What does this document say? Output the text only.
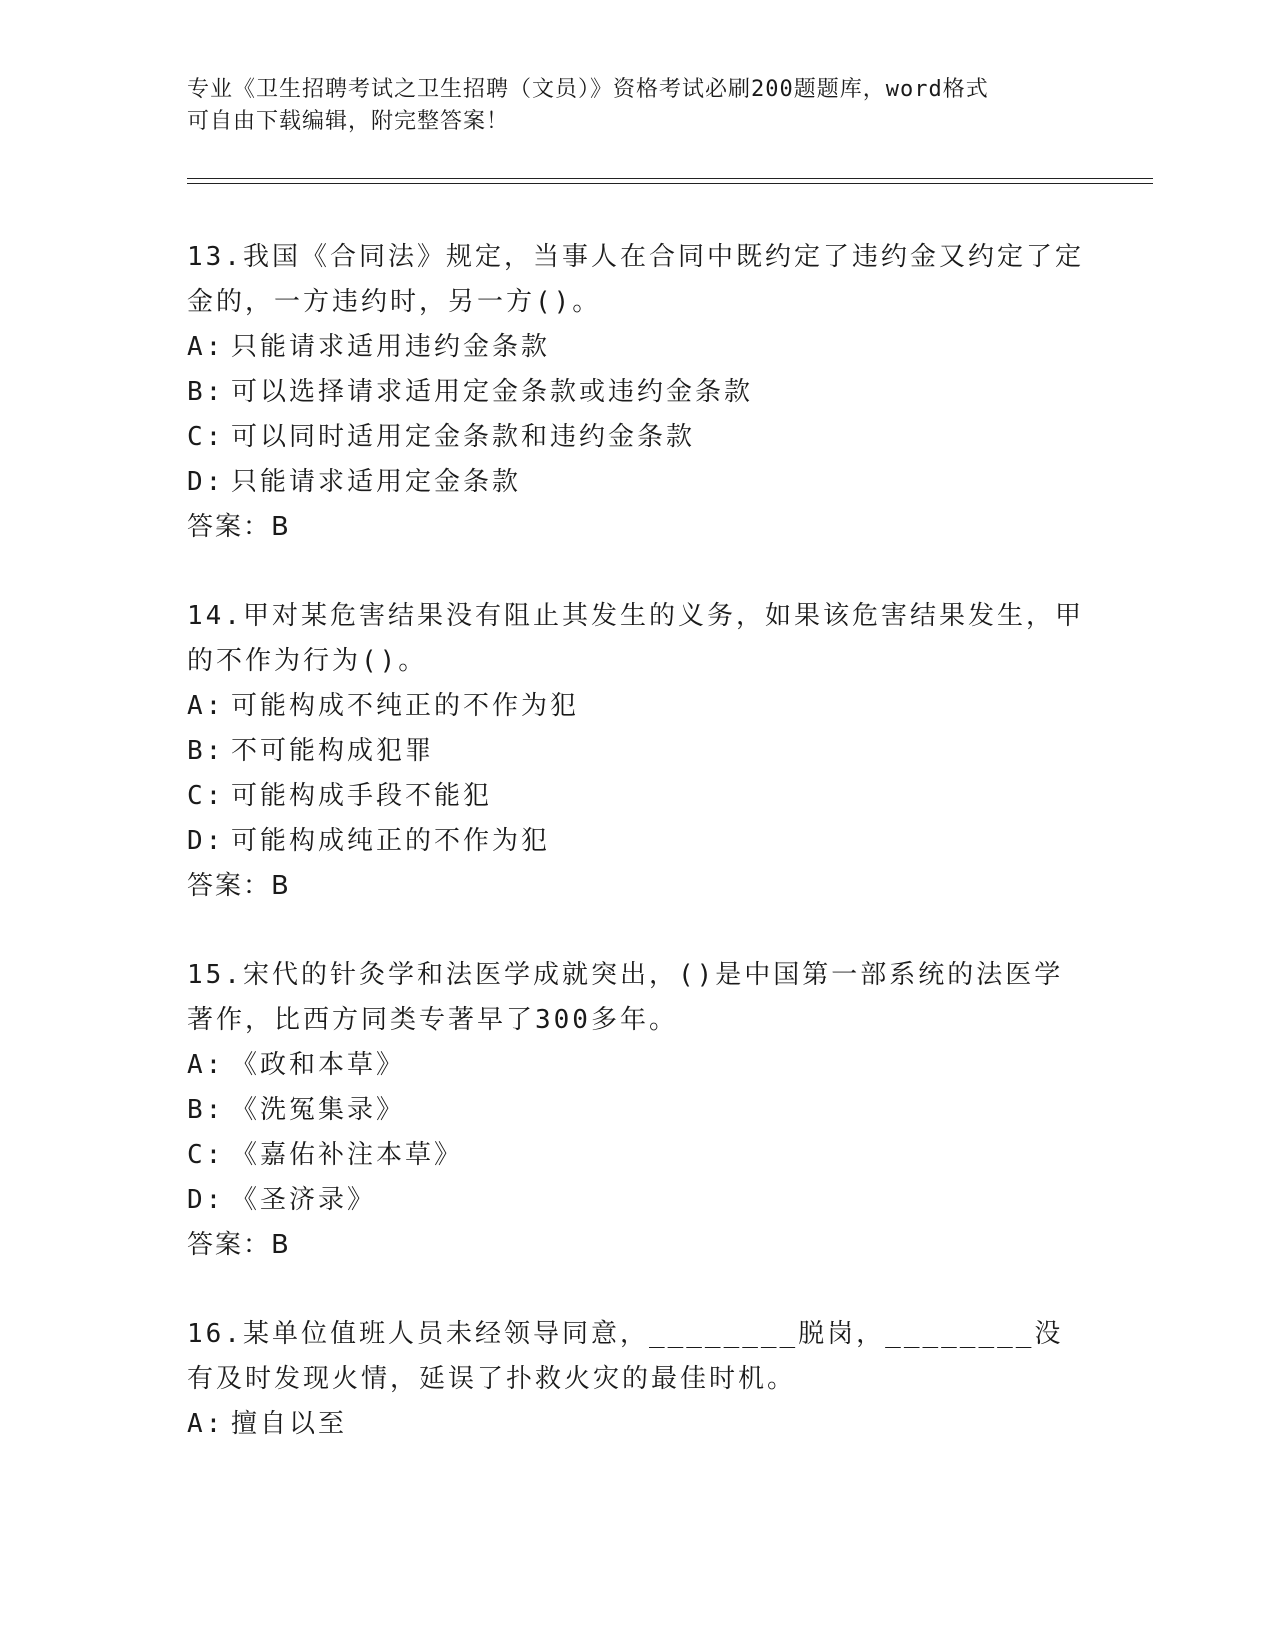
专业《卫生招聘考试之卫生招聘（文员）》资格考试必刷200题题库，word格式
可自由下载编辑，附完整答案！

13.我国《合同法》规定，当事人在合同中既约定了违约金又约定了定金的，一方违约时，另一方()。

A: 只能请求适用违约金条款

B: 可以选择请求适用定金条款或违约金条款

C: 可以同时适用定金条款和违约金条款

D: 只能请求适用定金条款

答案：B

14.甲对某危害结果没有阻止其发生的义务，如果该危害结果发生，甲的不作为行为()。

A: 可能构成不纯正的不作为犯

B: 不可能构成犯罪

C: 可能构成手段不能犯

D: 可能构成纯正的不作为犯

答案：B

15.宋代的针灸学和法医学成就突出，()是中国第一部系统的法医学著作，比西方同类专著早了300多年。

A: 《政和本草》

B: 《洗冤集录》

C: 《嘉佑补注本草》

D: 《圣济录》

答案：B

16.某单位值班人员未经领导同意，________脱岗，________没有及时发现火情，延误了扑救火灾的最佳时机。

A: 擅自以至
